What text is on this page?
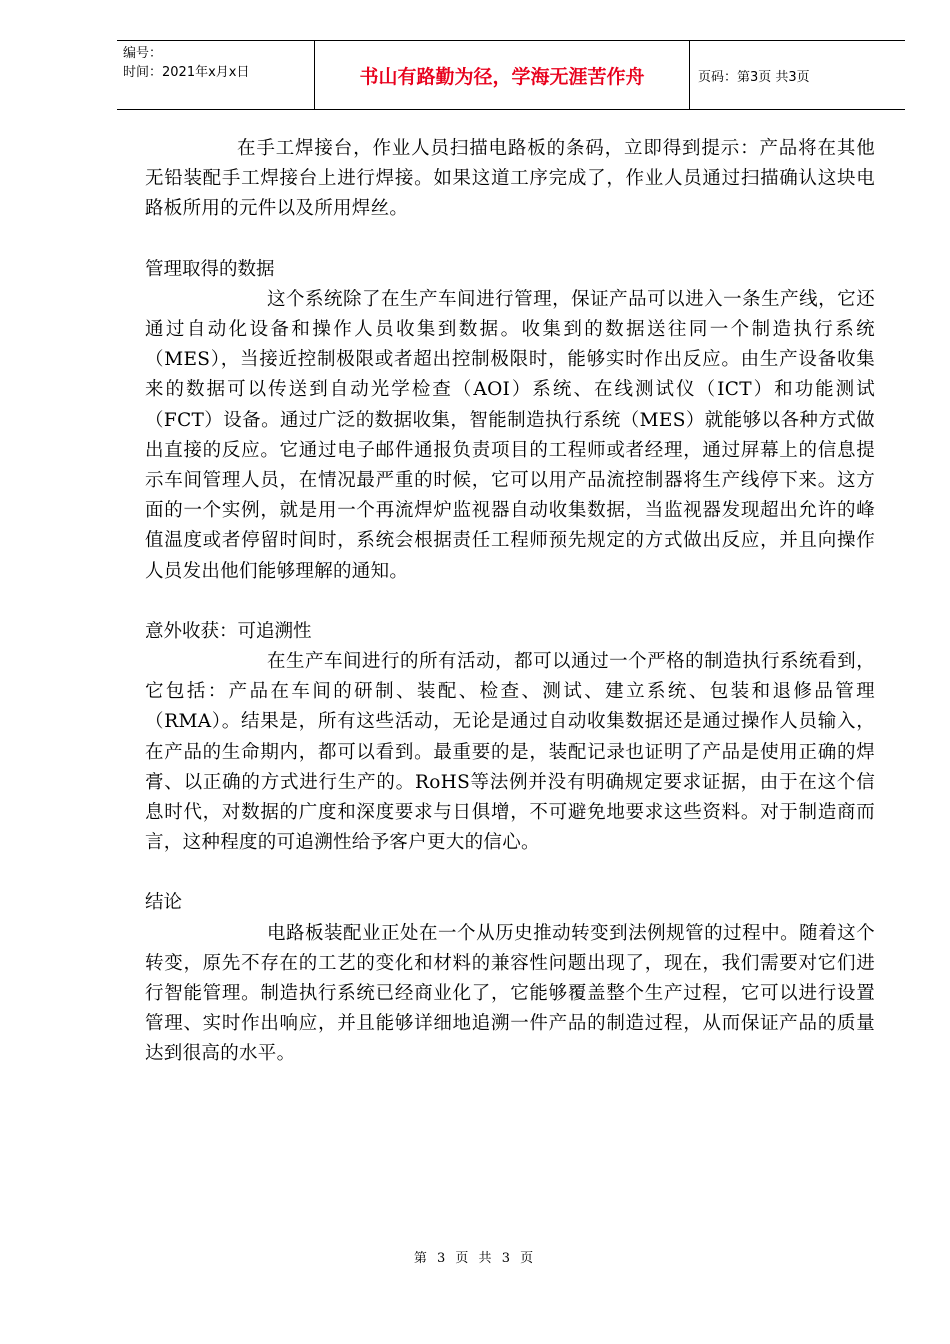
编号：
时间：2021年x月x日	书山有路勤为径，学海无涯苦作舟	页码：第3页 共3页

在手工焊接台，作业人员扫描电路板的条码，立即得到提示：产品将在其他无铅装配手工焊接台上进行焊接。如果这道工序完成了，作业人员通过扫描确认这块电路板所用的元件以及所用焊丝。

管理取得的数据

这个系统除了在生产车间进行管理，保证产品可以进入一条生产线，它还通过自动化设备和操作人员收集到数据。收集到的数据送往同一个制造执行系统（MES），当接近控制极限或者超出控制极限时，能够实时作出反应。由生产设备收集来的数据可以传送到自动光学检查（AOI）系统、在线测试仪（ICT）和功能测试（FCT）设备。通过广泛的数据收集，智能制造执行系统（MES）就能够以各种方式做出直接的反应。它通过电子邮件通报负责项目的工程师或者经理，通过屏幕上的信息提示车间管理人员，在情况最严重的时候，它可以用产品流控制器将生产线停下来。这方面的一个实例，就是用一个再流焊炉监视器自动收集数据，当监视器发现超出允许的峰值温度或者停留时间时，系统会根据责任工程师预先规定的方式做出反应，并且向操作人员发出他们能够理解的通知。

意外收获：可追溯性

在生产车间进行的所有活动，都可以通过一个严格的制造执行系统看到，它包括：产品在车间的研制、装配、检查、测试、建立系统、包装和退修品管理（RMA）。结果是，所有这些活动，无论是通过自动收集数据还是通过操作人员输入，在产品的生命期内，都可以看到。最重要的是，装配记录也证明了产品是使用正确的焊膏、以正确的方式进行生产的。RoHS等法例并没有明确规定要求证据，由于在这个信息时代，对数据的广度和深度要求与日俱增，不可避免地要求这些资料。对于制造商而言，这种程度的可追溯性给予客户更大的信心。

结论

电路板装配业正处在一个从历史推动转变到法例规管的过程中。随着这个转变，原先不存在的工艺的变化和材料的兼容性问题出现了，现在，我们需要对它们进行智能管理。制造执行系统已经商业化了，它能够覆盖整个生产过程，它可以进行设置管理、实时作出响应，并且能够详细地追溯一件产品的制造过程，从而保证产品的质量达到很高的水平。

第 3 页 共 3 页
